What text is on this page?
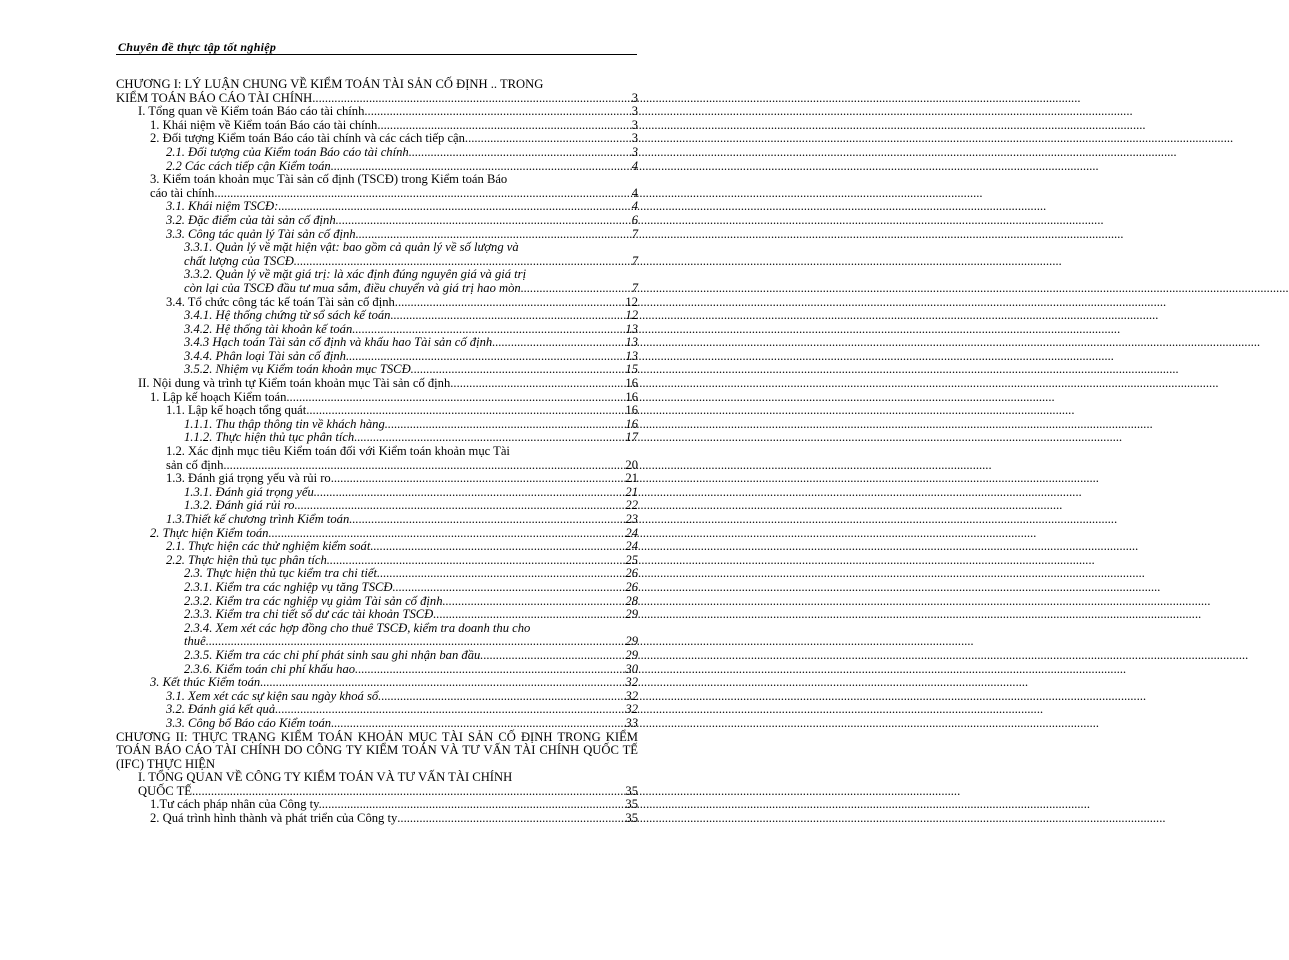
Chuyên đề thực tập tốt nghiệp
CHƯƠNG I: LÝ LUẬN CHUNG VỀ KIỂM TOÁN TÀI SẢN CỐ ĐỊNH .. TRONG
KIỂM TOÁN BÁO CÁO TÀI CHÍNH .....	3
I. Tổng quan về Kiểm toán Báo cáo tài chính .....	3
1. Khái niệm về Kiểm toán Báo cáo tài chính .....	3
2. Đối tượng Kiểm toán Báo cáo tài chính và các cách tiếp cận .....	3
2.1. Đối tượng của Kiểm toán Báo cáo tài chính .....	3
2.2 Các cách tiếp cận Kiểm toán .....	4
3. Kiểm toán khoản mục Tài sản cố định (TSCĐ) trong Kiểm toán Báo
cáo tài chính .....	4
3.1. Khái niệm TSCĐ: .....	4
3.2. Đặc điểm của tài sản cố định .....	6
3.3. Công tác quản lý Tài sản cố định .....	7
3.3.1. Quản lý về mặt hiện vật: bao gồm cả quản lý về số lượng và
chất lượng của TSCĐ .....	7
3.3.2. Quản lý về mặt giá trị: là xác định đúng nguyên giá và giá trị
còn lại của TSCĐ đầu tư mua sắm, điều chuyển và giá trị hao mòn .....	7
3.4. Tổ chức công tác kế toán Tài sản cố định. .....	12
3.4.1. Hệ thống chứng từ sổ sách kế toán .....	12
3.4.2. Hệ thống tài khoản kế toán .....	13
3.4.3 Hạch toán Tài sản cố định và khấu hao Tài sản cố định .....	13
3.4.4. Phân loại Tài sản cố định .....	13
3.5.2. Nhiệm vụ Kiểm toán khoản mục TSCĐ .....	15
II. Nội dung và trình tự Kiểm toán khoản mục Tài sản cố định .....	16
1. Lập kế hoạch Kiểm toán .....	16
1.1. Lập kế hoạch tổng quát .....	16
1.1.1. Thu thập thông tin về khách hàng .....	16
1.1.2. Thực hiện thủ tục phân tích .....	17
1.2. Xác định mục tiêu Kiểm toán đối với Kiểm toán khoản mục Tài
sản cố định .....	20
1.3. Đánh giá trọng yếu và rủi ro .....	21
1.3.1. Đánh giá trọng yếu .....	21
1.3.2. Đánh giá rủi ro .....	22
1.3.Thiết kế chương trình Kiểm toán .....	23
2. Thực hiện Kiểm toán .....	24
2.1. Thực hiện các thử nghiệm kiểm soát .....	24
2.2. Thực hiện thủ tục phân tích .....	25
2.3. Thực hiện thủ tục kiểm tra chi tiết .....	26
2.3.1. Kiểm tra các nghiệp vụ tăng TSCĐ .....	26
2.3.2. Kiểm tra các nghiệp vụ giảm Tài sản cố định .....	28
2.3.3. Kiểm tra chi tiết số dư các tài khoản TSCĐ .....	29
2.3.4. Xem xét các hợp đồng cho thuê TSCĐ, kiểm tra doanh thu cho
thuê .....	29
2.3.5. Kiểm tra các chi phí phát sinh sau ghi nhận ban đầu .....	29
2.3.6. Kiểm toán chi phí khấu hao. .....	30
3. Kết thúc Kiểm toán .....	32
3.1. Xem xét các sự kiện sau ngày khoá sổ .....	32
3.2. Đánh giá kết quả .....	32
3.3. Công bố Báo cáo Kiểm toán .....	33
CHƯƠNG II: THỰC TRẠNG KIỂM TOÁN KHOẢN MỤC TÀI SẢN CỐ ĐỊNH TRONG KIỂM TOÁN BÁO CÁO TÀI CHÍNH DO CÔNG TY KIỂM TOÁN VÀ TƯ VẤN TÀI CHÍNH QUỐC TẾ (IFC) THỰC HIỆN
I. TỔNG QUAN VỀ CÔNG TY KIỂM TOÁN VÀ TƯ VẤN TÀI CHÍNH
QUỐC TẾ .....	35
1.Tư cách pháp nhân của Công ty. .....	35
2. Quá trình hình thành và phát triển của Công ty .....	35
